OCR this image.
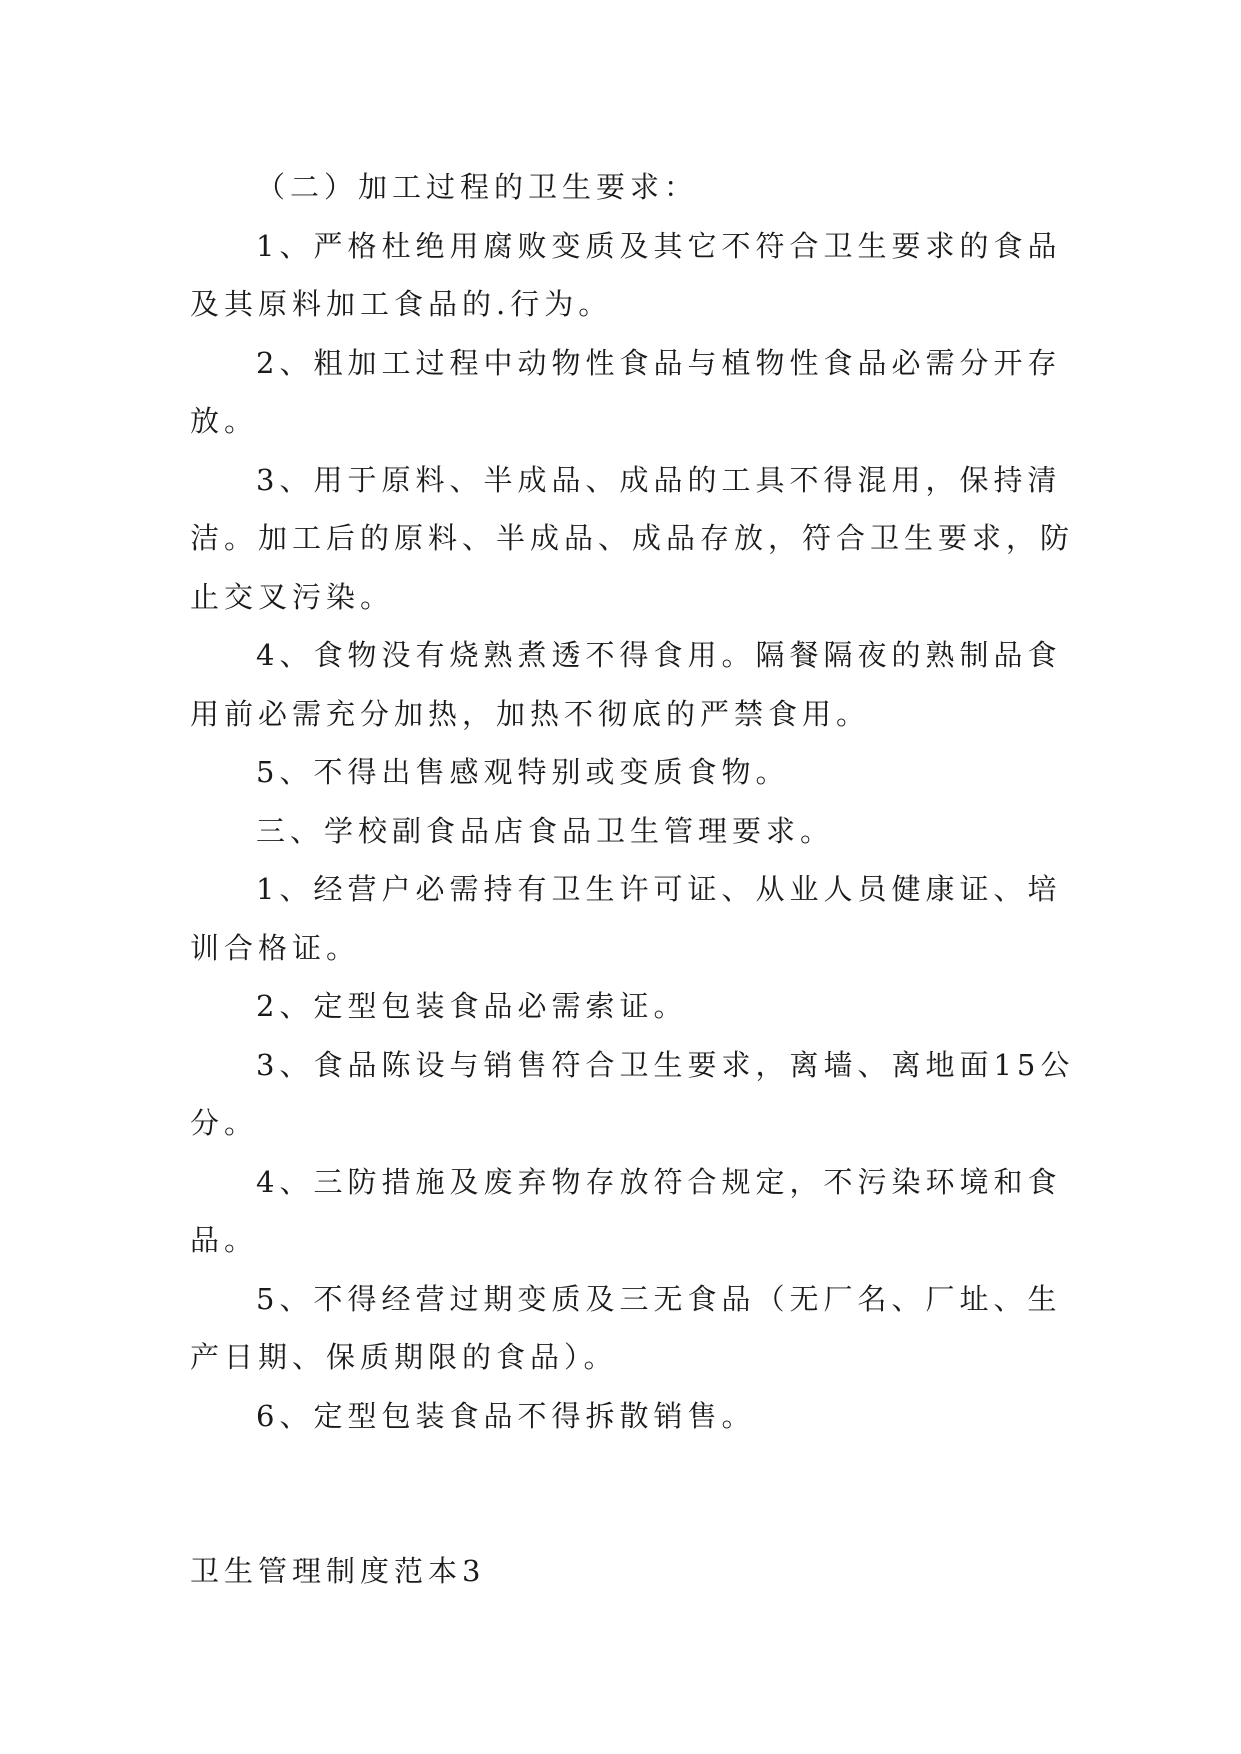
（二）加工过程的卫生要求：

1、严格杜绝用腐败变质及其它不符合卫生要求的食品

及其原料加工食品的.行为。

2、粗加工过程中动物性食品与植物性食品必需分开存

放。

3、用于原料、半成品、成品的工具不得混用，保持清

洁。加工后的原料、半成品、成品存放，符合卫生要求，防

止交叉污染。

4、食物没有烧熟煮透不得食用。隔餐隔夜的熟制品食

用前必需充分加热，加热不彻底的严禁食用。

5、不得出售感观特别或变质食物。

三、学校副食品店食品卫生管理要求。

1、经营户必需持有卫生许可证、从业人员健康证、培

训合格证。

2、定型包装食品必需索证。

3、食品陈设与销售符合卫生要求，离墙、离地面15公

分。

4、三防措施及废弃物存放符合规定，不污染环境和食

品。

5、不得经营过期变质及三无食品（无厂名、厂址、生

产日期、保质期限的食品）。

6、定型包装食品不得拆散销售。

卫生管理制度范本3
